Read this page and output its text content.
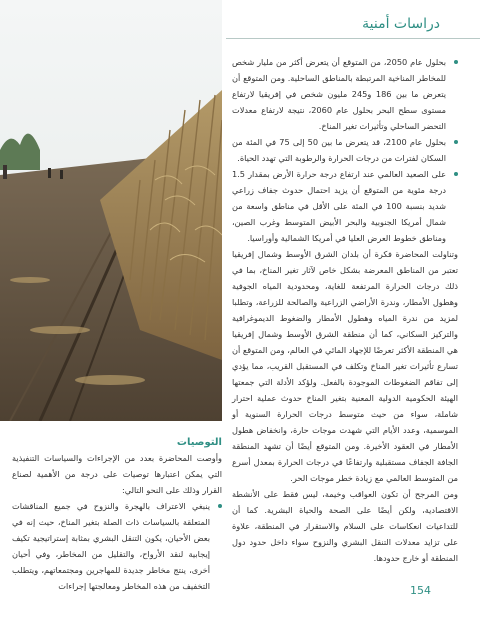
دراسات أمنية
بحلول عام 2050، من المتوقع أن يتعرض أكثر من مليار شخص للمخاطر المناخية المرتبطة بالمناطق الساحلية. ومن المتوقع أن يتعرض ما بين 186 و245 مليون شخص في إفريقيا لارتفاع مستوى سطح البحر بحلول عام 2060، نتيجة لارتفاع معدلات التحضر الساحلي وتأثيرات تغير المناخ.
بحلول عام 2100، قد يتعرض ما بين 50 إلى 75 في المئة من السكان لفترات من درجات الحرارة والرطوبة التي تهدد الحياة.
على الصعيد العالمي عند ارتفاع درجة حرارة الأرض بمقدار 1.5 درجة مئوية من المتوقع أن يزيد احتمال حدوث جفاف زراعي شديد بنسبة 100 في المئة على الأقل في مناطق واسعة من شمال أمريكا الجنوبية والبحر الأبيض المتوسط وغرب الصين، ومناطق خطوط العرض العليا في أمريكا الشمالية وأوراسيا.

وتناولت المحاضرة فكرة أن بلدان الشرق الأوسط وشمال إفريقيا تعتبر من المناطق المعرضة بشكل خاص لآثار تغير المناخ، بما في ذلك درجات الحرارة المرتفعة للغاية، ومحدودية المياه الجوفية وهطول الأمطار، وندرة الأراضي الزراعية والصالحة للزراعة، وتطلبا لمزيد من ندرة المياه وهطول الأمطار والضغوط الديموغرافية والتركيز السكاني، كما أن منطقة الشرق الأوسط وشمال إفريقيا هي المنطقة الأكثر تعرضًا للإجهاد المائي في العالم، ومن المتوقع أن تسارع تأثيرات تغير المناخ وتكلف في المستقبل القريب، مما يؤدي إلى تفاقم الضغوطات الموجودة بالفعل. ولؤكد الأدلة التي جمعتها الهيئة الحكومية الدولية المعنية بتغير المناخ حدوث عملية احترار شاملة، سواء من حيث متوسط درجات الحرارة السنوية أو الموسمية، وعدد الأيام التي شهدت موجات حارة، وانخفاض هطول الأمطار في العقود الأخيرة. ومن المتوقع أيضًا أن تشهد المنطقة الجافة الجفاف مستقبلية وارتفاعًا في درجات الحرارة بمعدل أسرع من المتوسط العالمي مع زيادة خطر موجات الحر.

ومن المرجح أن تكون العواقب وخيمة، ليس فقط على الأنشطة الاقتصادية، ولكن أيضًا على الصحة والحياة البشرية. كما أن للتداعيات انعكاسات على السلام والاستقرار في المنطقة، علاوة على تزايد معدلات التنقل البشري والنزوح سواء داخل حدود دول المنطقة أو خارج حدودها.

التوصيات

وأوصت المحاضرة بعدد من الإجراءات والسياسات التنفيذية التي يمكن اعتبارها توصيات على درجة من الأهمية لصناع القرار وذلك على النحو التالي:

ينبغي الاعتراف بالهجرة والنزوح في جميع المناقشات المتعلقة بالسياسات ذات الصلة بتغير المناخ، حيث إنه في بعض الأحيان، يكون التنقل البشري بمثابة إستراتيجية تكيف إيجابية لنقد الأرواح، والتقليل من المخاطر، وفي أحيان أخرى، ينتج مخاطر جديدة للمهاجرين ومجتمعاتهم، ويتطلب التخفيف من هذه المخاطر ومعالجتها إجراءات	154
